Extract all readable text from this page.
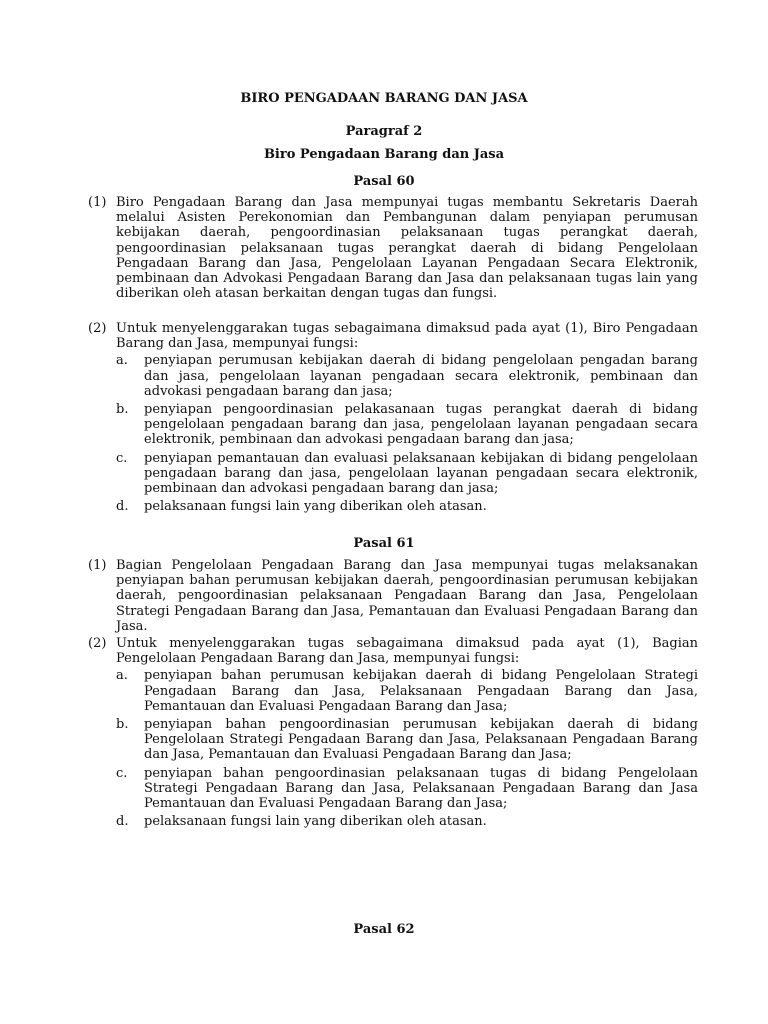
BIRO PENGADAAN BARANG DAN JASA
Paragraf 2
Biro Pengadaan Barang dan Jasa
Pasal 60
(1) Biro Pengadaan Barang dan Jasa mempunyai tugas membantu Sekretaris Daerah melalui Asisten Perekonomian dan Pembangunan dalam penyiapan perumusan kebijakan daerah, pengoordinasian pelaksanaan tugas perangkat daerah, pengoordinasian pelaksanaan tugas perangkat daerah di bidang Pengelolaan Pengadaan Barang dan Jasa, Pengelolaan Layanan Pengadaan Secara Elektronik, pembinaan dan Advokasi Pengadaan Barang dan Jasa dan pelaksanaan tugas lain yang diberikan oleh atasan berkaitan dengan tugas dan fungsi.
(2) Untuk menyelenggarakan tugas sebagaimana dimaksud pada ayat (1), Biro Pengadaan Barang dan Jasa, mempunyai fungsi:
a. penyiapan perumusan kebijakan daerah di bidang pengelolaan pengadan barang dan jasa, pengelolaan layanan pengadaan secara elektronik, pembinaan dan advokasi pengadaan barang dan jasa;
b. penyiapan pengoordinasian pelakasanaan tugas perangkat daerah di bidang pengelolaan pengadaan barang dan jasa, pengelolaan layanan pengadaan secara elektronik, pembinaan dan advokasi pengadaan barang dan jasa;
c. penyiapan pemantauan dan evaluasi pelaksanaan kebijakan di bidang pengelolaan pengadaan barang dan jasa, pengelolaan layanan pengadaan secara elektronik, pembinaan dan advokasi pengadaan barang dan jasa;
d. pelaksanaan fungsi lain yang diberikan oleh atasan.
Pasal 61
(1) Bagian Pengelolaan Pengadaan Barang dan Jasa mempunyai tugas melaksanakan penyiapan bahan perumusan kebijakan daerah, pengoordinasian perumusan kebijakan daerah, pengoordinasian pelaksanaan Pengadaan Barang dan Jasa, Pengelolaan Strategi Pengadaan Barang dan Jasa, Pemantauan dan Evaluasi Pengadaan Barang dan Jasa.
(2) Untuk menyelenggarakan tugas sebagaimana dimaksud pada ayat (1), Bagian Pengelolaan Pengadaan Barang dan Jasa, mempunyai fungsi:
a. penyiapan bahan perumusan kebijakan daerah di bidang Pengelolaan Strategi Pengadaan Barang dan Jasa, Pelaksanaan Pengadaan Barang dan Jasa, Pemantauan dan Evaluasi Pengadaan Barang dan Jasa;
b. penyiapan bahan pengoordinasian perumusan kebijakan daerah di bidang Pengelolaan Strategi Pengadaan Barang dan Jasa, Pelaksanaan Pengadaan Barang dan Jasa, Pemantauan dan Evaluasi Pengadaan Barang dan Jasa;
c. penyiapan bahan pengoordinasian pelaksanaan tugas di bidang Pengelolaan Strategi Pengadaan Barang dan Jasa, Pelaksanaan Pengadaan Barang dan Jasa Pemantauan dan Evaluasi Pengadaan Barang dan Jasa;
d. pelaksanaan fungsi lain yang diberikan oleh atasan.
Pasal 62
